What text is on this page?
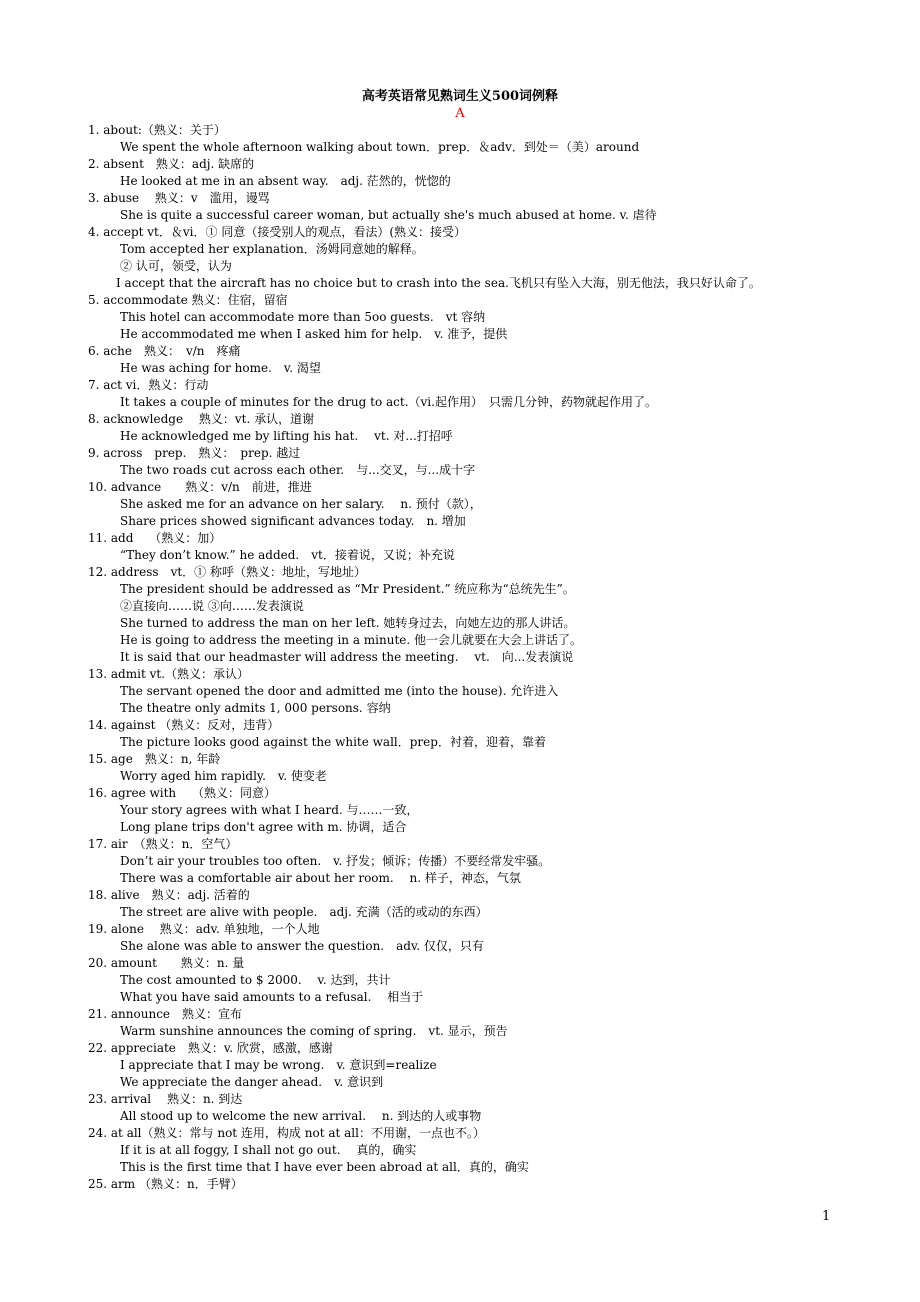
高考英语常见熟词生义500词例释
A
1. about:（熟义：关于）
We spent the whole afternoon walking about town．prep．＆adv．到处＝（美）around
2. absent　熟义：adj. 缺席的
He looked at me in an absent way.　adj. 茫然的，恍惚的
3. abuse　 熟义：v　滥用，谩骂
She is quite a successful career woman, but actually she's much abused at home. v. 虐待
4. accept vt．＆vi．① 同意（接受别人的观点，看法）(熟义：接受）
Tom accepted her explanation．汤姆同意她的解释。
② 认可，领受，认为
I accept that the aircraft has no choice but to crash into the sea.飞机只有坠入大海，别无他法，我只好认命了。
5. accommodate 熟义：住宿，留宿
This hotel can accommodate more than 5oo guests.　vt 容纳
He accommodated me when I asked him for help.　v. 准予，提供
6. ache　熟义：　v/n　疼痛
He was aching for home.　v. 渴望
7. act vi．熟义：行动
It takes a couple of minutes for the drug to act.（vi.起作用）　只需几分钟，药物就起作用了。
8. acknowledge　 熟义：vt. 承认，道谢
He acknowledged me by lifting his hat.　 vt. 对...打招呼
9. across　prep.　熟义：　prep. 越过
The two roads cut across each other.　与...交叉，与...成十字
10. advance　　熟义：v/n　前进，推进
She asked me for an advance on her salary.　 n. 预付（款），
Share prices showed significant advances today.　n. 增加
11. add　 （熟义：加）
“They don’t know.” he added.　vt．接着说，又说；补充说
12. address　vt．① 称呼（熟义：地址，写地址）
The president should be addressed as “Mr President.” 统应称为“总统先生”。
②直接向……说 ③向……发表演说
She turned to address the man on her left. 她转身过去，向她左边的那人讲话。
He is going to address the meeting in a minute. 他一会儿就要在大会上讲话了。
It is said that our headmaster will address the meeting.　 vt.　向...发表演说
13. admit vt.（熟义：承认）
The servant opened the door and admitted me (into the house). 允许进入
The theatre only admits 1, 000 persons. 容纳
14. against （熟义：反对，违背）
The picture looks good against the white wall．prep．衬着，迎着，靠着
15. age　熟义：n, 年龄
Worry aged him rapidly.　v. 使变老
16. agree with　 （熟义：同意）
Your story agrees with what I heard. 与……一致，
Long plane trips don't agree with m. 协调，适合
17. air　（熟义：n．空气）
Don’t air your troubles too often.　v. 抒发；倾诉；传播）不要经常发牢骚。
There was a comfortable air about her room.　 n. 样子，神态，气氛
18. alive　熟义：adj. 活着的
The street are alive with people.　adj. 充满（活的或动的东西）
19. alone　 熟义：adv. 单独地，一个人地
She alone was able to answer the question.　adv. 仅仅，只有
20. amount　　熟义：n. 量
The cost amounted to $ 2000.　 v. 达到，共计
What you have said amounts to a refusal.　 相当于
21. announce　熟义：宣布
Warm sunshine announces the coming of spring.　vt. 显示，预告
22. appreciate　熟义：v. 欣赏，感激，感谢
I appreciate that I may be wrong.　v. 意识到=realize
We appreciate the danger ahead.　v. 意识到
23. arrival　 熟义：n. 到达
All stood up to welcome the new arrival.　 n. 到达的人或事物
24. at all（熟义：常与 not 连用，构成 not at all：不用谢，一点也不。）
If it is at all foggy, I shall not go out.　 真的，确实
This is the first time that I have ever been abroad at all．真的，确实
25. arm （熟义：n．手臂）
1
